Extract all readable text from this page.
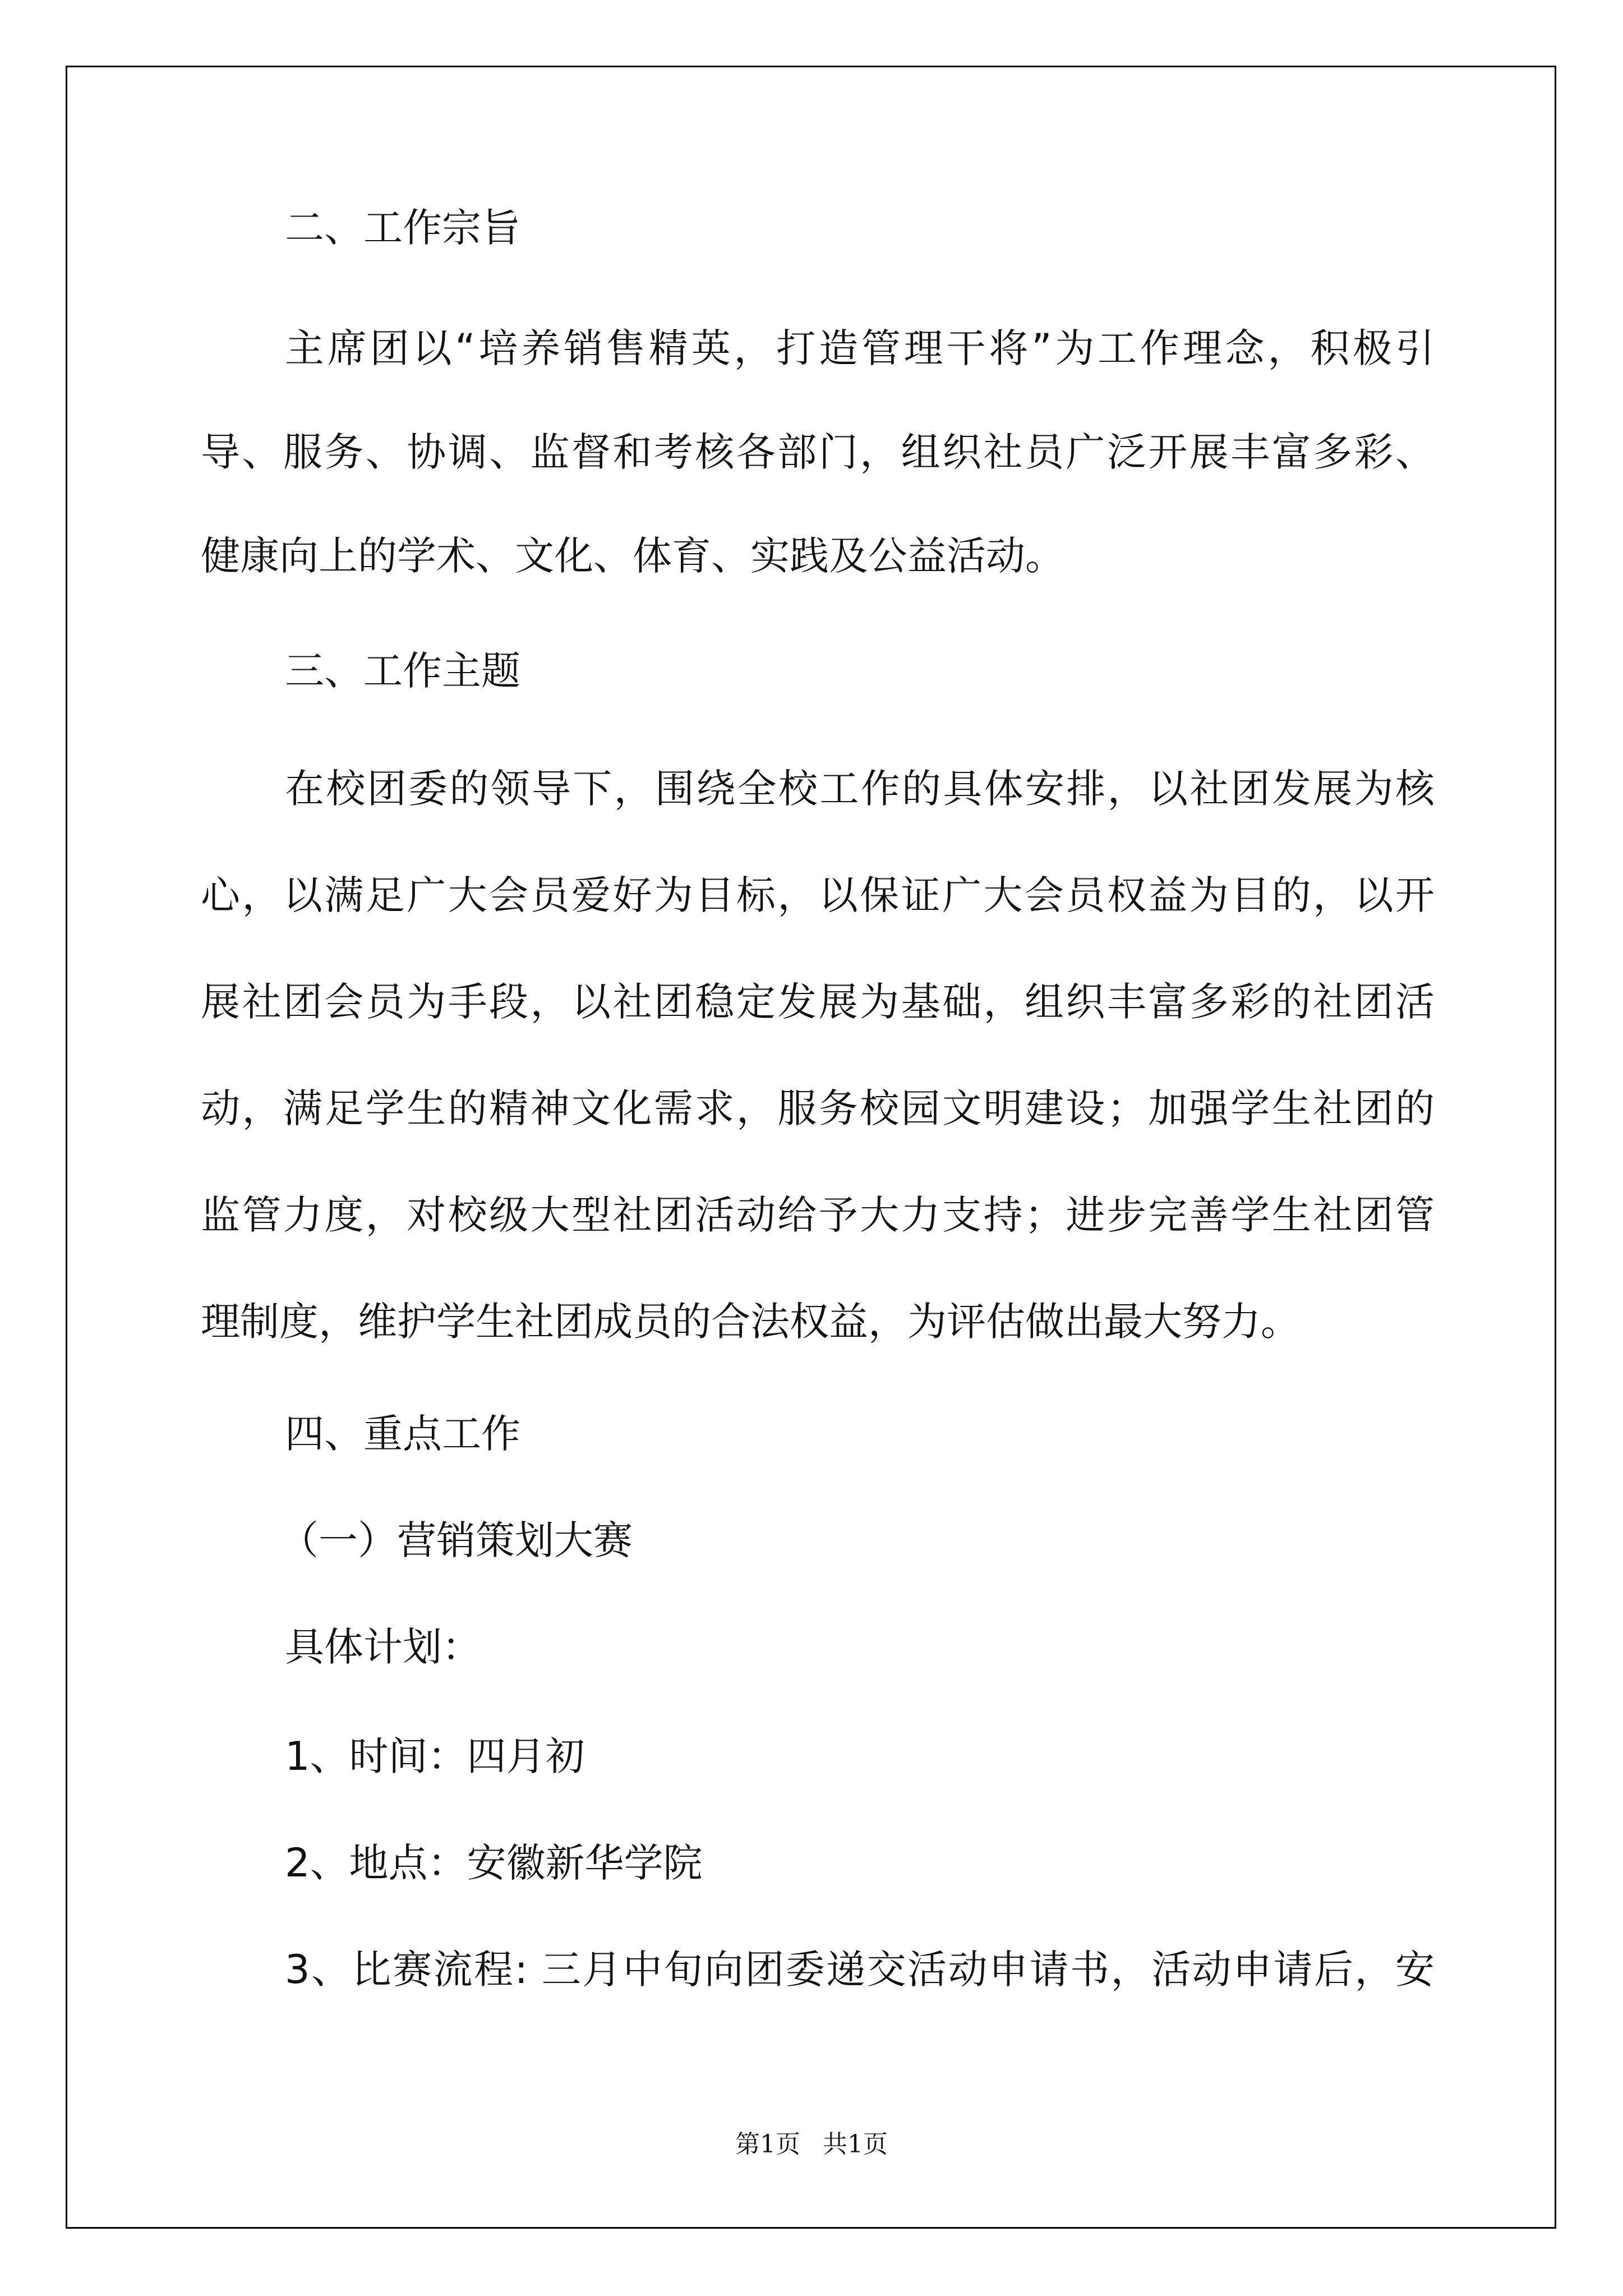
二、工作宗旨
主席团以“培养销售精英，打造管理干将”为工作理念，积极引
导、服务、协调、监督和考核各部门，组织社员广泛开展丰富多彩、
健康向上的学术、文化、体育、实践及公益活动。
三、工作主题
在校团委的领导下，围绕全校工作的具体安排，以社团发展为核
心，以满足广大会员爱好为目标，以保证广大会员权益为目的，以开
展社团会员为手段，以社团稳定发展为基础，组织丰富多彩的社团活
动，满足学生的精神文化需求，服务校园文明建设；加强学生社团的
监管力度，对校级大型社团活动给予大力支持；进步完善学生社团管
理制度，维护学生社团成员的合法权益，为评估做出最大努力。
四、重点工作
（一）营销策划大赛
具体计划：
1、时间：四月初
2、地点：安徽新华学院
3、比赛流程: 三月中旬向团委递交活动申请书，活动申请后，安
第1页 共1页
